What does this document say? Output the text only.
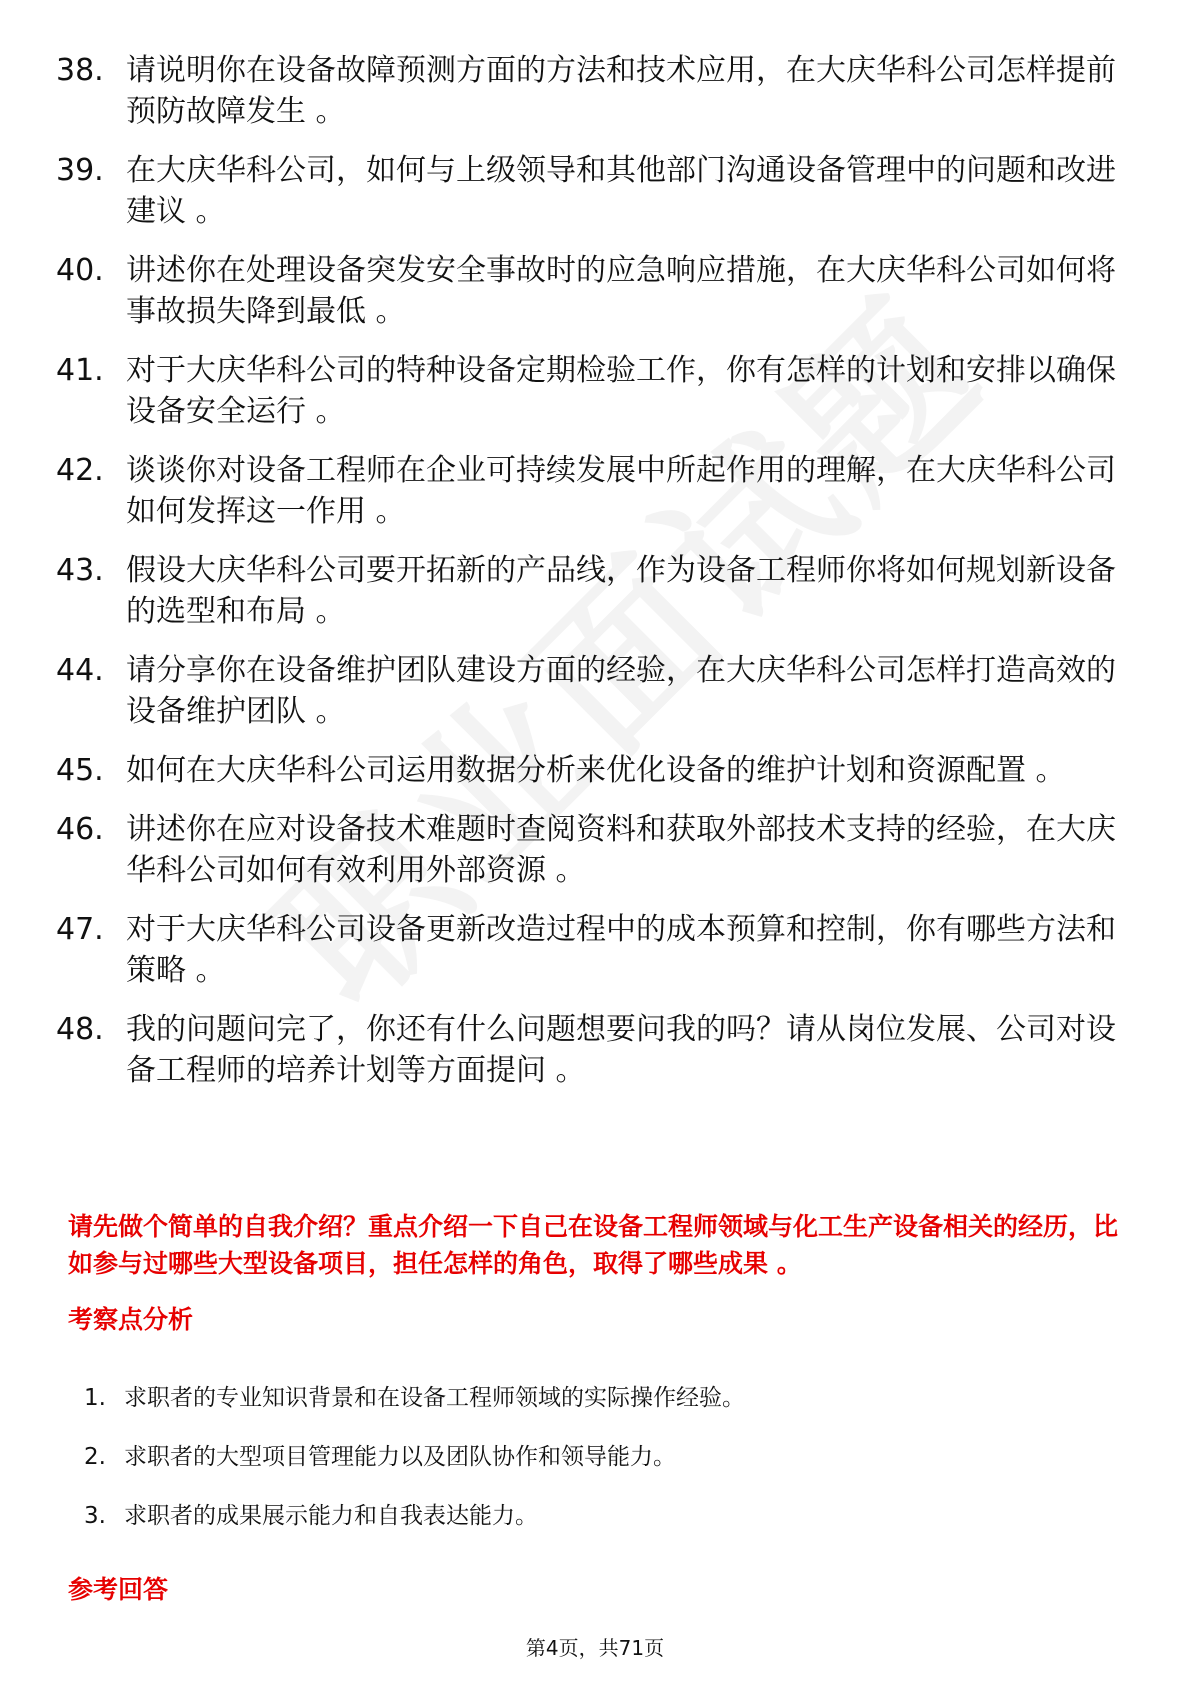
38. 请说明你在设备故障预测方面的方法和技术应用，在大庆华科公司怎样提前预防故障发生 。
39. 在大庆华科公司，如何与上级领导和其他部门沟通设备管理中的问题和改进建议 。
40. 讲述你在处理设备突发安全事故时的应急响应措施，在大庆华科公司如何将事故损失降到最低 。
41. 对于大庆华科公司的特种设备定期检验工作，你有怎样的计划和安排以确保设备安全运行 。
42. 谈谈你对设备工程师在企业可持续发展中所起作用的理解，在大庆华科公司如何发挥这一作用 。
43. 假设大庆华科公司要开拓新的产品线，作为设备工程师你将如何规划新设备的选型和布局 。
44. 请分享你在设备维护团队建设方面的经验，在大庆华科公司怎样打造高效的设备维护团队 。
45. 如何在大庆华科公司运用数据分析来优化设备的维护计划和资源配置 。
46. 讲述你在应对设备技术难题时查阅资料和获取外部技术支持的经验，在大庆华科公司如何有效利用外部资源 。
47. 对于大庆华科公司设备更新改造过程中的成本预算和控制，你有哪些方法和策略 。
48. 我的问题问完了，你还有什么问题想要问我的吗？请从岗位发展、公司对设备工程师的培养计划等方面提问 。
请先做个简单的自我介绍？重点介绍一下自己在设备工程师领域与化工生产设备相关的经历，比如参与过哪些大型设备项目，担任怎样的角色，取得了哪些成果 。
考察点分析
1. 求职者的专业知识背景和在设备工程师领域的实际操作经验。
2. 求职者的大型项目管理能力以及团队协作和领导能力。
3. 求职者的成果展示能力和自我表达能力。
参考回答
第4页，共71页
